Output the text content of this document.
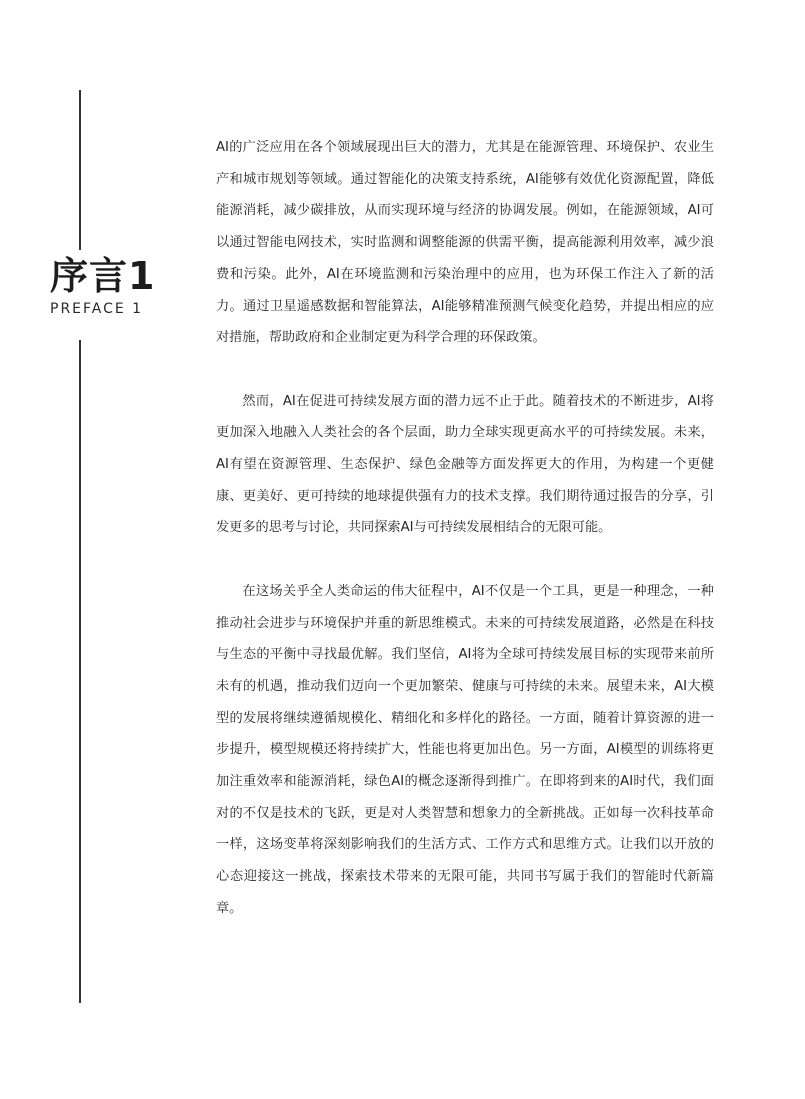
序言1
PREFACE 1

AI的广泛应用在各个领域展现出巨大的潜力，尤其是在能源管理、环境保护、农业生产和城市规划等领域。通过智能化的决策支持系统，AI能够有效优化资源配置，降低能源消耗，减少碳排放，从而实现环境与经济的协调发展。例如，在能源领域，AI可以通过智能电网技术，实时监测和调整能源的供需平衡，提高能源利用效率，减少浪费和污染。此外，AI在环境监测和污染治理中的应用，也为环保工作注入了新的活力。通过卫星遥感数据和智能算法，AI能够精准预测气候变化趋势，并提出相应的应对措施，帮助政府和企业制定更为科学合理的环保政策。

然而，AI在促进可持续发展方面的潜力远不止于此。随着技术的不断进步，AI将更加深入地融入人类社会的各个层面，助力全球实现更高水平的可持续发展。未来，AI有望在资源管理、生态保护、绿色金融等方面发挥更大的作用，为构建一个更健康、更美好、更可持续的地球提供强有力的技术支撑。我们期待通过报告的分享，引发更多的思考与讨论，共同探索AI与可持续发展相结合的无限可能。

在这场关乎全人类命运的伟大征程中，AI不仅是一个工具，更是一种理念，一种推动社会进步与环境保护并重的新思维模式。未来的可持续发展道路，必然是在科技与生态的平衡中寻找最优解。我们坚信，AI将为全球可持续发展目标的实现带来前所未有的机遇，推动我们迈向一个更加繁荣、健康与可持续的未来。展望未来，AI大模型的发展将继续遵循规模化、精细化和多样化的路径。一方面，随着计算资源的进一步提升，模型规模还将持续扩大，性能也将更加出色。另一方面，AI模型的训练将更加注重效率和能源消耗，绿色AI的概念逐渐得到推广。在即将到来的AI时代，我们面对的不仅是技术的飞跃，更是对人类智慧和想象力的全新挑战。正如每一次科技革命一样，这场变革将深刻影响我们的生活方式、工作方式和思维方式。让我们以开放的心态迎接这一挑战，探索技术带来的无限可能，共同书写属于我们的智能时代新篇章。
